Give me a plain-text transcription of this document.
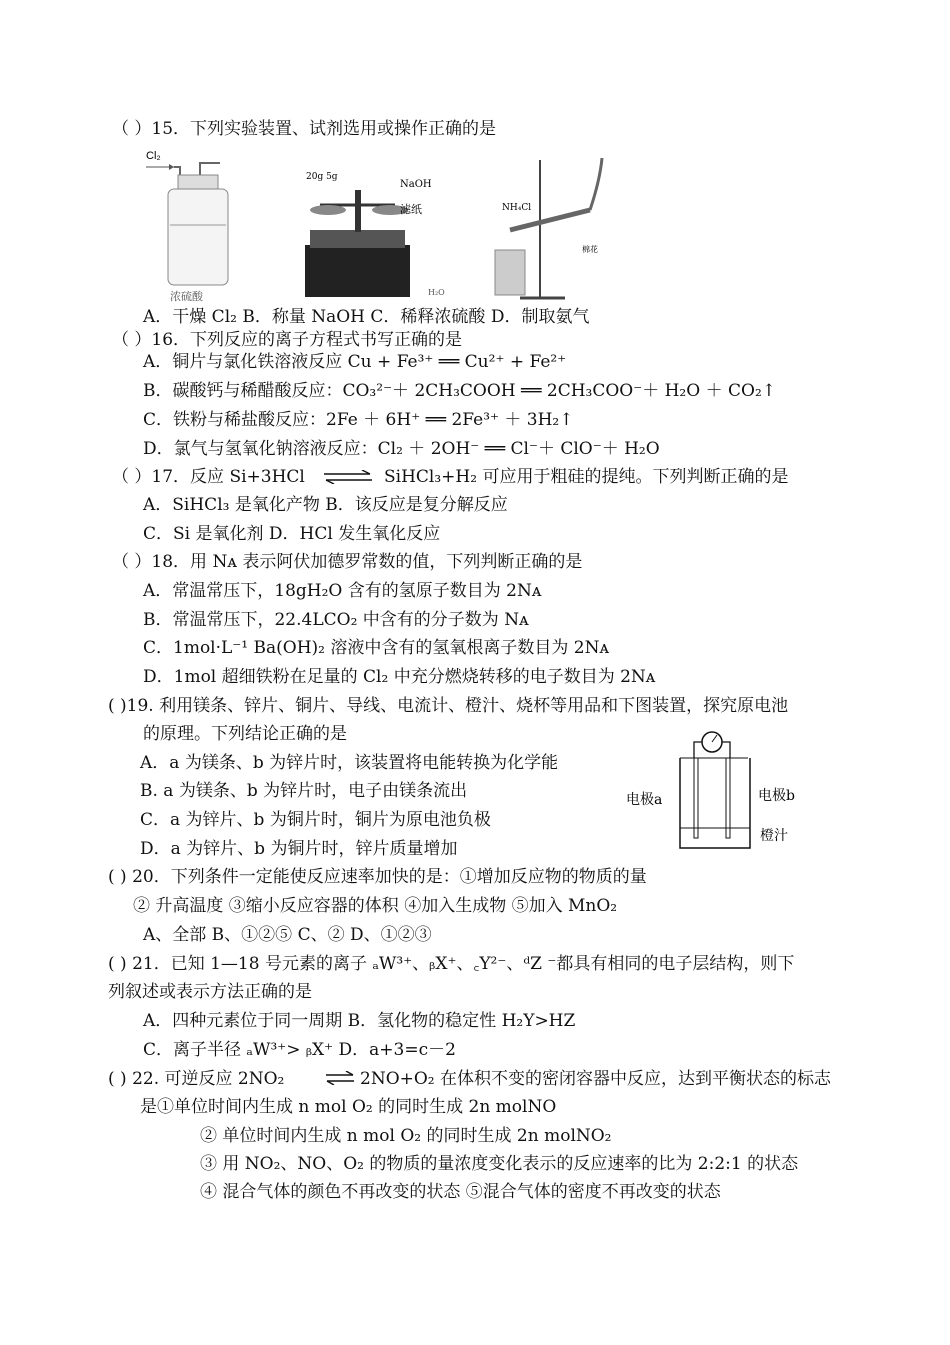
（ ）15．下列实验装置、试剂选用或操作正确的是
Cl₂
浓硫酸
20g 5g
NaOH
滤纸
H₂O
NH₄Cl
棉花
A．干燥 Cl₂ B．称量 NaOH C．稀释浓硫酸 D．制取氨气
（ ）16．下列反应的离子方程式书写正确的是
A．铜片与氯化铁溶液反应 Cu + Fe³⁺ ══ Cu²⁺ + Fe²⁺
B．碳酸钙与稀醋酸反应：CO₃²⁻＋ 2CH₃COOH ══ 2CH₃COO⁻＋ H₂O ＋ CO₂↑
C．铁粉与稀盐酸反应：2Fe ＋ 6H⁺ ══ 2Fe³⁺ ＋ 3H₂↑
D．氯气与氢氧化钠溶液反应：Cl₂ ＋ 2OH⁻ ══ Cl⁻＋ ClO⁻＋ H₂O
（ ）17．反应 Si+3HCl ⇌ SiHCl₃+H₂ 可应用于粗硅的提纯。下列判断正确的是
A．SiHCl₃ 是氧化产物 B．该反应是复分解反应
C．Si 是氧化剂 D．HCl 发生氧化反应
（ ）18．用 Nᴀ 表示阿伏加德罗常数的值，下列判断正确的是
A．常温常压下，18gH₂O 含有的氢原子数目为 2Nᴀ
B．常温常压下，22.4LCO₂ 中含有的分子数为 Nᴀ
C．1mol·L⁻¹ Ba(OH)₂ 溶液中含有的氢氧根离子数目为 2Nᴀ
D．1mol 超细铁粉在足量的 Cl₂ 中充分燃烧转移的电子数目为 2Nᴀ
( )19. 利用镁条、锌片、铜片、导线、电流计、橙汁、烧杯等用品和下图装置，探究原电池
的原理。下列结论正确的是
A．a 为镁条、b 为锌片时，该装置将电能转换为化学能
B. a 为镁条、b 为锌片时，电子由镁条流出
C．a 为锌片、b 为铜片时，铜片为原电池负极
D．a 为锌片、b 为铜片时，锌片质量增加
电极a	电极b
橙汁
( ) 20．下列条件一定能使反应速率加快的是：①增加反应物的物质的量
② 升高温度 ③缩小反应容器的体积 ④加入生成物 ⑤加入 MnO₂
A、全部 B、①②⑤ C、② D、①②③
( ) 21．已知 1—18 号元素的离子 ₐW³⁺、ᵦX⁺、꜀Y²⁻、ᵈZ ⁻都具有相同的电子层结构，则下
列叙述或表示方法正确的是
A．四种元素位于同一周期 B．氢化物的稳定性 H₂Y>HZ
C．离子半径 ₐW³⁺> ᵦX⁺ D．a+3=c－2
( ) 22. 可逆反应 2NO₂ ⇌ 2NO+O₂ 在体积不变的密闭容器中反应，达到平衡状态的标志
是①单位时间内生成 n mol O₂ 的同时生成 2n molNO
② 单位时间内生成 n mol O₂ 的同时生成 2n molNO₂
③ 用 NO₂、NO、O₂ 的物质的量浓度变化表示的反应速率的比为 2:2:1 的状态
④ 混合气体的颜色不再改变的状态 ⑤混合气体的密度不再改变的状态
